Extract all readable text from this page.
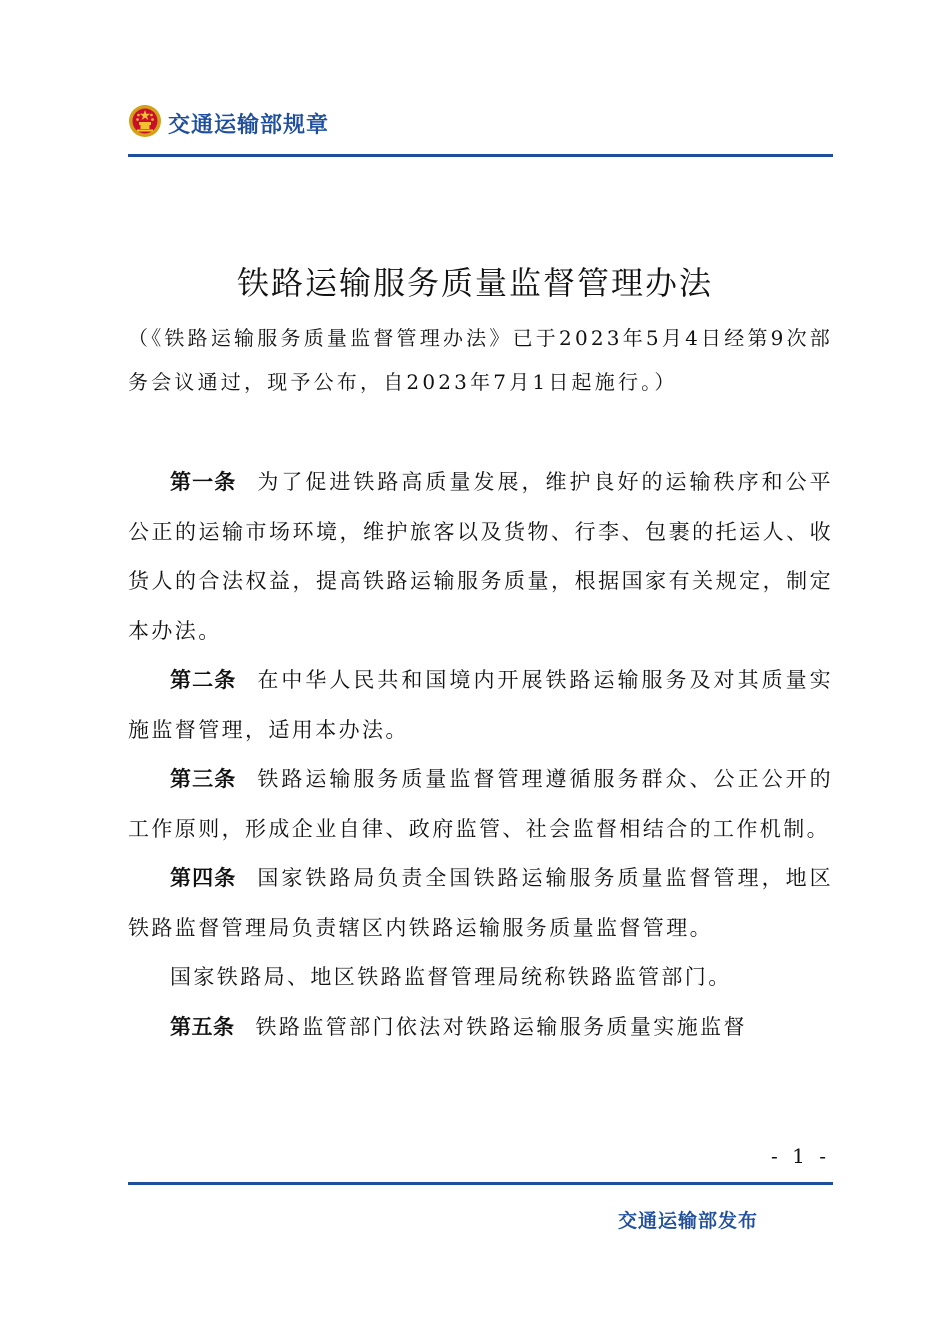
交通运输部规章
铁路运输服务质量监督管理办法
（《铁路运输服务质量监督管理办法》已于2023年5月4日经第9次部务会议通过，现予公布，自2023年7月1日起施行。）

第一条 为了促进铁路高质量发展，维护良好的运输秩序和公平公正的运输市场环境，维护旅客以及货物、行李、包裹的托运人、收货人的合法权益，提高铁路运输服务质量，根据国家有关规定，制定本办法。

第二条 在中华人民共和国境内开展铁路运输服务及对其质量实施监督管理，适用本办法。

第三条 铁路运输服务质量监督管理遵循服务群众、公正公开的工作原则，形成企业自律、政府监管、社会监督相结合的工作机制。

第四条 国家铁路局负责全国铁路运输服务质量监督管理，地区铁路监督管理局负责辖区内铁路运输服务质量监督管理。

国家铁路局、地区铁路监督管理局统称铁路监管部门。

第五条 铁路监管部门依法对铁路运输服务质量实施监督

- 1 -
交通运输部发布
